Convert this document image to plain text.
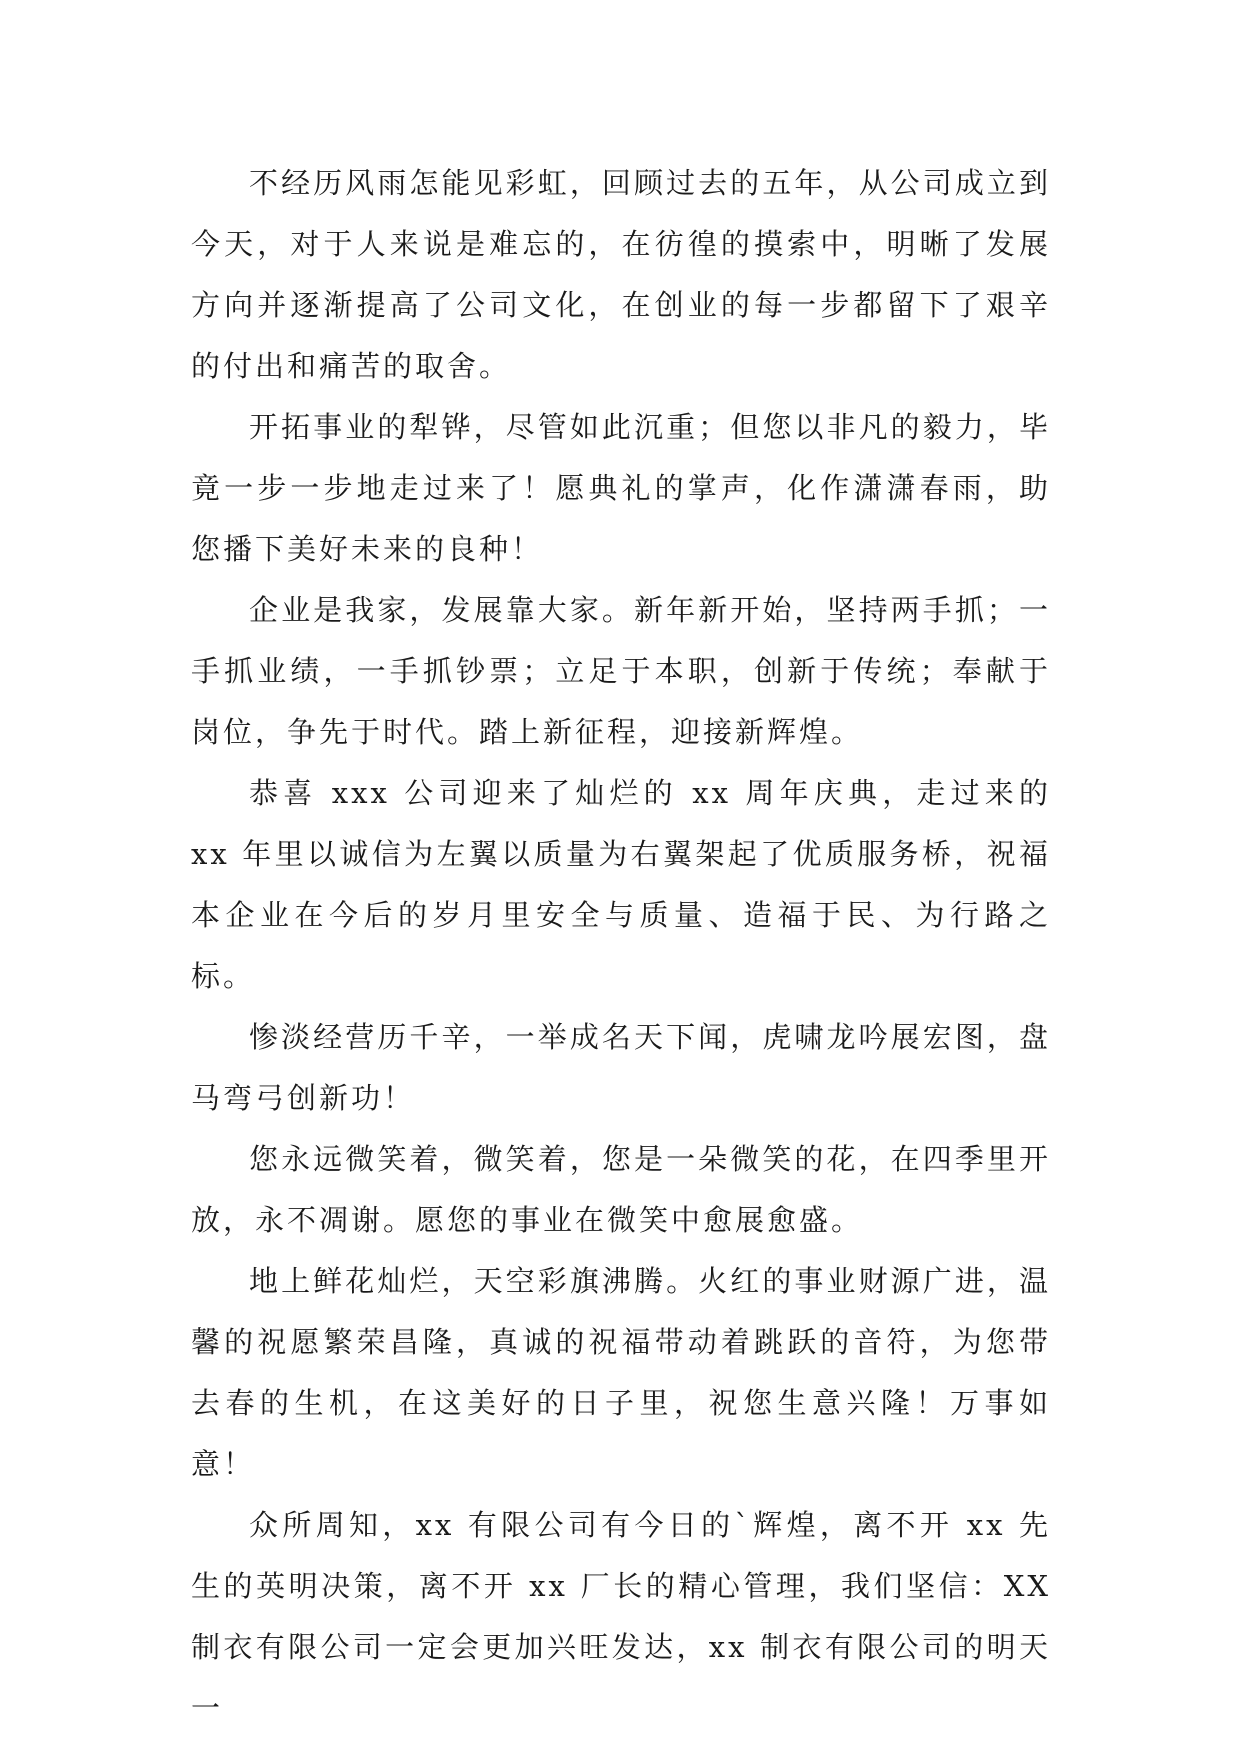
不经历风雨怎能见彩虹，回顾过去的五年，从公司成立到今天，对于人来说是难忘的，在彷徨的摸索中，明晰了发展方向并逐渐提高了公司文化，在创业的每一步都留下了艰辛的付出和痛苦的取舍。

开拓事业的犁铧，尽管如此沉重；但您以非凡的毅力，毕竟一步一步地走过来了！愿典礼的掌声，化作潇潇春雨，助您播下美好未来的良种！

企业是我家，发展靠大家。新年新开始，坚持两手抓；一手抓业绩，一手抓钞票；立足于本职，创新于传统；奉献于岗位，争先于时代。踏上新征程，迎接新辉煌。

恭喜 xxx 公司迎来了灿烂的 xx 周年庆典，走过来的 xx 年里以诚信为左翼以质量为右翼架起了优质服务桥，祝福本企业在今后的岁月里安全与质量、造福于民、为行路之标。

惨淡经营历千辛，一举成名天下闻，虎啸龙吟展宏图，盘马弯弓创新功！

您永远微笑着，微笑着，您是一朵微笑的花，在四季里开放，永不凋谢。愿您的事业在微笑中愈展愈盛。

地上鲜花灿烂，天空彩旗沸腾。火红的事业财源广进，温馨的祝愿繁荣昌隆，真诚的祝福带动着跳跃的音符，为您带去春的生机，在这美好的日子里，祝您生意兴隆！万事如意！

众所周知，xx 有限公司有今日的`辉煌，离不开 xx 先生的英明决策，离不开 xx 厂长的精心管理，我们坚信：XX 制衣有限公司一定会更加兴旺发达，xx 制衣有限公司的明天一
